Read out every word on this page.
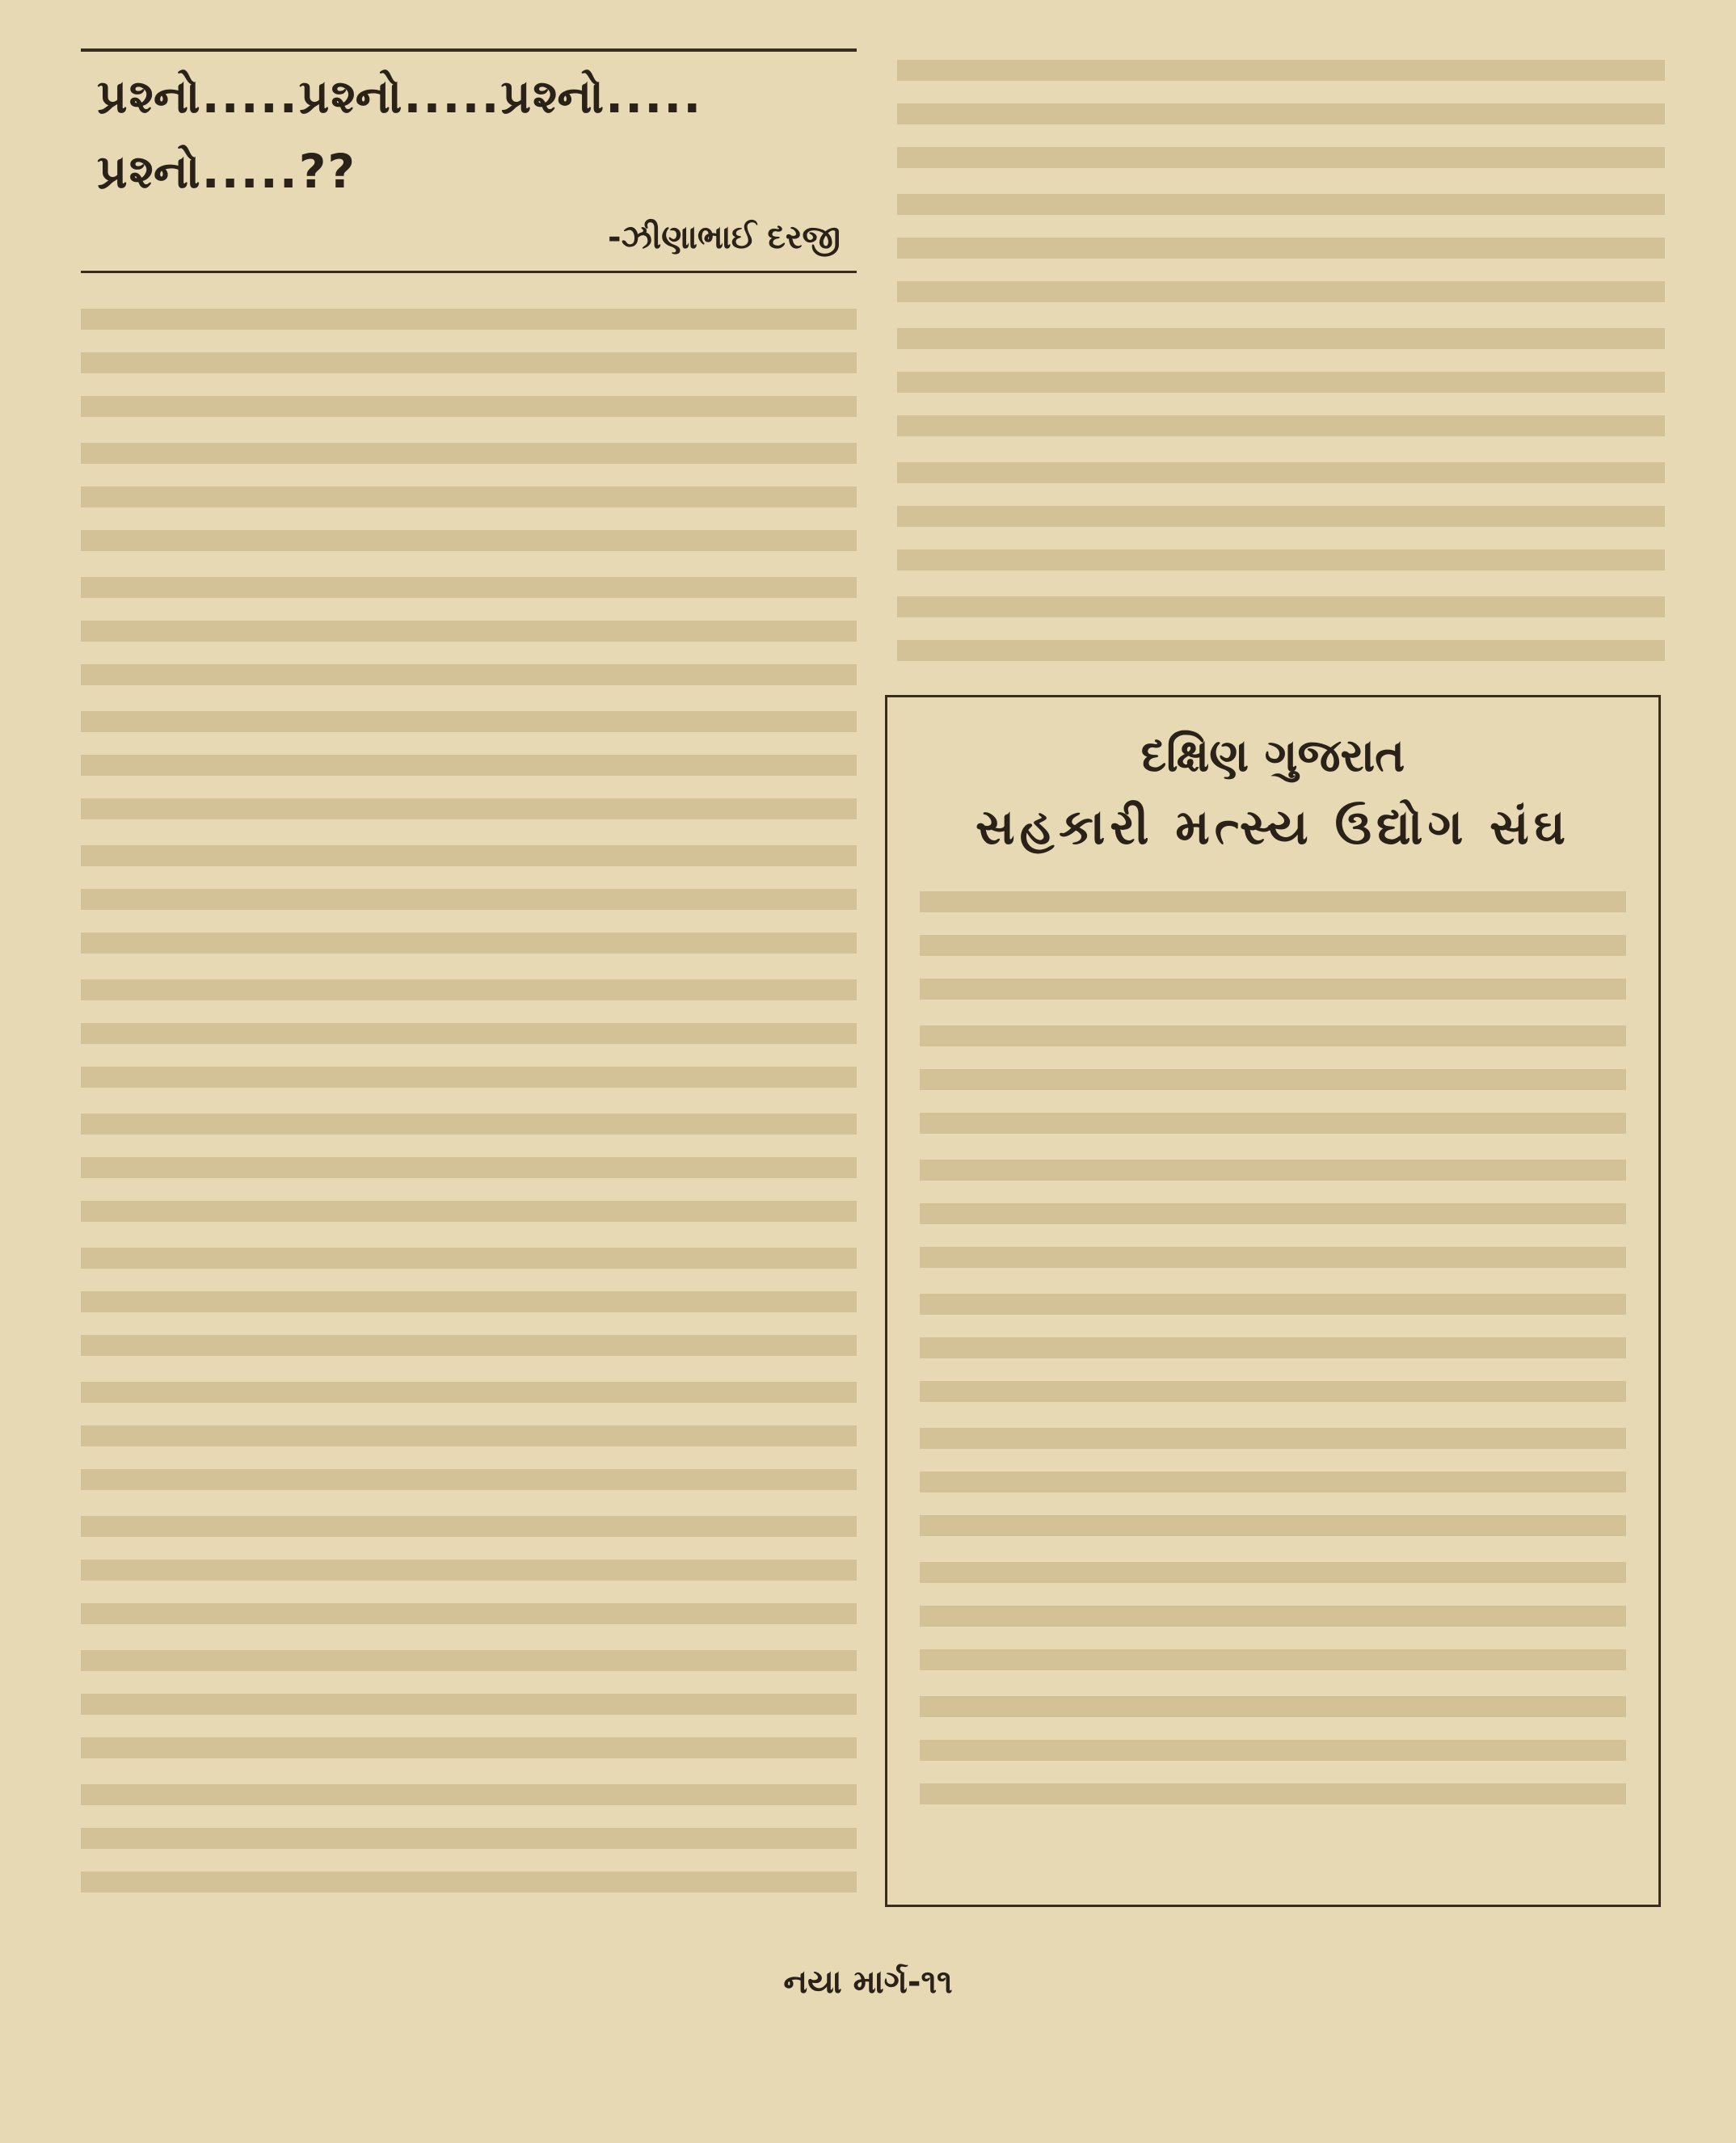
પ્રશ્નો.....પ્રશ્નો.....પ્રશ્નો.....
પ્રશ્નો.....??
-ઝીણાભાઈ દરજી
દક્ષિણ ગુજરાત
સહકારી મત્સ્ય ઉદ્યોગ સંઘ
નયા માર્ગ-૧૧
